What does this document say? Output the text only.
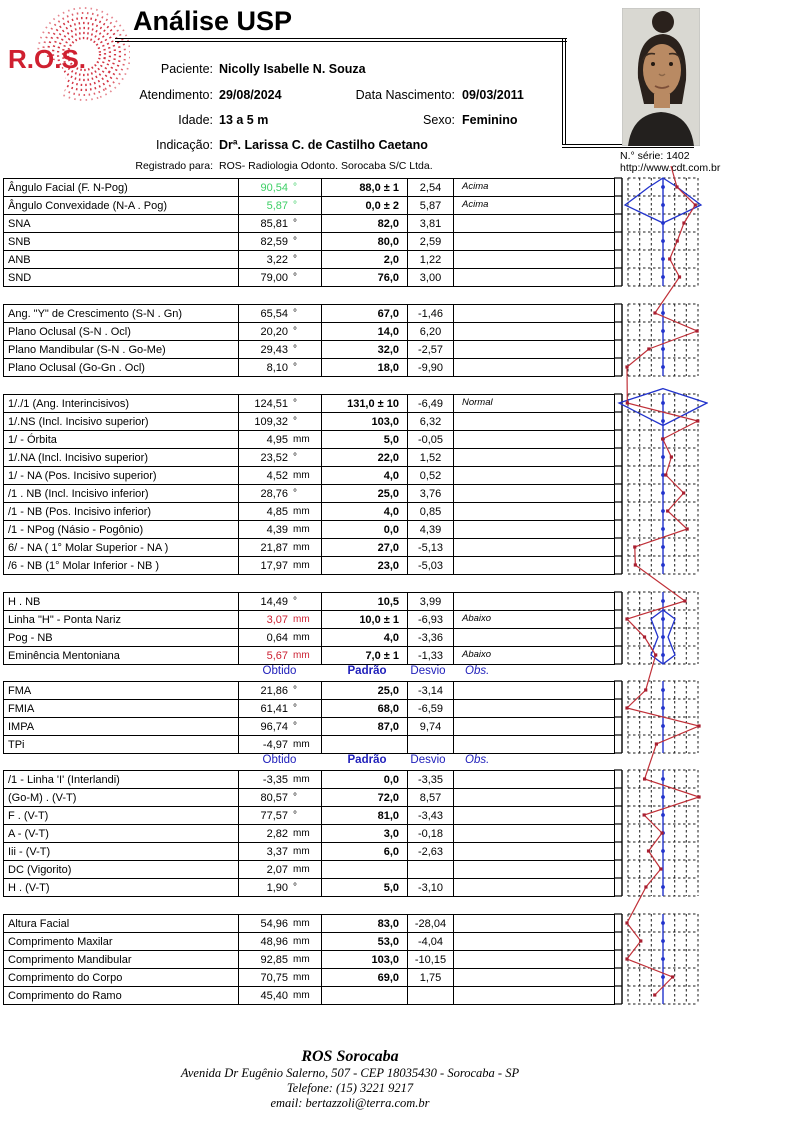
R.O.S.
Análise USP
Paciente: Nicolly Isabelle N. Souza
Atendimento: 29/08/2024	Data Nascimento: 09/03/2011
Idade: 13 a 5 m	Sexo: Feminino
Indicação: Drª. Larissa C. de Castilho Caetano
Registrado para: ROS- Radiologia Odonto. Sorocaba S/C Ltda.
N.° série: 1402
http://www.cdt.com.br
Ângulo Facial (F. N-Pog)	90,54 °	88,0 ± 1	2,54	Acima
Ângulo Convexidade (N-A . Pog)	5,87 °	0,0 ± 2	5,87	Acima
SNA	85,81 °	82,0	3,81
SNB	82,59 °	80,0	2,59
ANB	3,22 °	2,0	1,22
SND	79,00 °	76,0	3,00
Ang. "Y" de Crescimento (S-N . Gn)	65,54 °	67,0	-1,46
Plano Oclusal (S-N . Ocl)	20,20 °	14,0	6,20
Plano Mandibular (S-N . Go-Me)	29,43 °	32,0	-2,57
Plano Oclusal (Go-Gn . Ocl)	8,10 °	18,0	-9,90
1/./1 (Ang. Interincisivos)	124,51 °	131,0 ± 10	-6,49	Normal
1/.NS (Incl. Incisivo superior)	109,32 °	103,0	6,32
1/ - Órbita	4,95 mm	5,0	-0,05
1/.NA (Incl. Incisivo superior)	23,52 °	22,0	1,52
1/ - NA (Pos. Incisivo superior)	4,52 mm	4,0	0,52
/1 . NB (Incl. Incisivo inferior)	28,76 °	25,0	3,76
/1 - NB (Pos. Incisivo inferior)	4,85 mm	4,0	0,85
/1 - NPog (Násio - Pogônio)	4,39 mm	0,0	4,39
6/ - NA ( 1° Molar Superior - NA )	21,87 mm	27,0	-5,13
/6 - NB (1° Molar Inferior - NB )	17,97 mm	23,0	-5,03
H . NB	14,49 °	10,5	3,99
Linha "H" - Ponta Nariz	3,07 mm	10,0 ± 1	-6,93	Abaixo
Pog - NB	0,64 mm	4,0	-3,36
Eminência Mentoniana	5,67 mm	7,0 ± 1	-1,33	Abaixo
Obtido	Padrão	Desvio	Obs.
FMA	21,86 °	25,0	-3,14
FMIA	61,41 °	68,0	-6,59
IMPA	96,74 °	87,0	9,74
TPi	-4,97 mm
Obtido	Padrão	Desvio	Obs.
/1 - Linha 'I' (Interlandi)	-3,35 mm	0,0	-3,35
(Go-M) . (V-T)	80,57 °	72,0	8,57
F . (V-T)	77,57 °	81,0	-3,43
A - (V-T)	2,82 mm	3,0	-0,18
Iii - (V-T)	3,37 mm	6,0	-2,63
DC (Vigorito)	2,07 mm
H . (V-T)	1,90 °	5,0	-3,10
Altura Facial	54,96 mm	83,0	-28,04
Comprimento Maxilar	48,96 mm	53,0	-4,04
Comprimento Mandibular	92,85 mm	103,0	-10,15
Comprimento do Corpo	70,75 mm	69,0	1,75
Comprimento do Ramo	45,40 mm
ROS Sorocaba
Avenida Dr Eugênio Salerno, 507 - CEP 18035430 - Sorocaba - SP
Telefone: (15) 3221 9217
email: bertazzoli@terra.com.br
